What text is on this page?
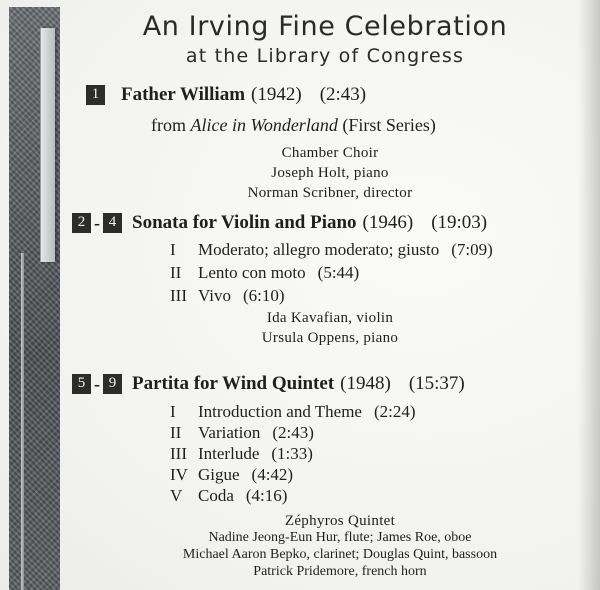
An Irving Fine Celebration
at the Library of Congress
1	Father William (1942) (2:43)
from Alice in Wonderland (First Series)
Chamber Choir
Joseph Holt, piano
Norman Scribner, director
2 - 4 Sonata for Violin and Piano (1946) (19:03)
I Moderato; allegro moderato; giusto (7:09)
II Lento con moto (5:44)
III Vivo (6:10)
Ida Kavafian, violin
Ursula Oppens, piano
5 - 9 Partita for Wind Quintet (1948) (15:37)
I Introduction and Theme (2:24)
II Variation (2:43)
III Interlude (1:33)
IV Gigue (4:42)
V Coda (4:16)
Zéphyros Quintet
Nadine Jeong-Eun Hur, flute; James Roe, oboe
Michael Aaron Bepko, clarinet; Douglas Quint, bassoon
Patrick Pridemore, french horn
